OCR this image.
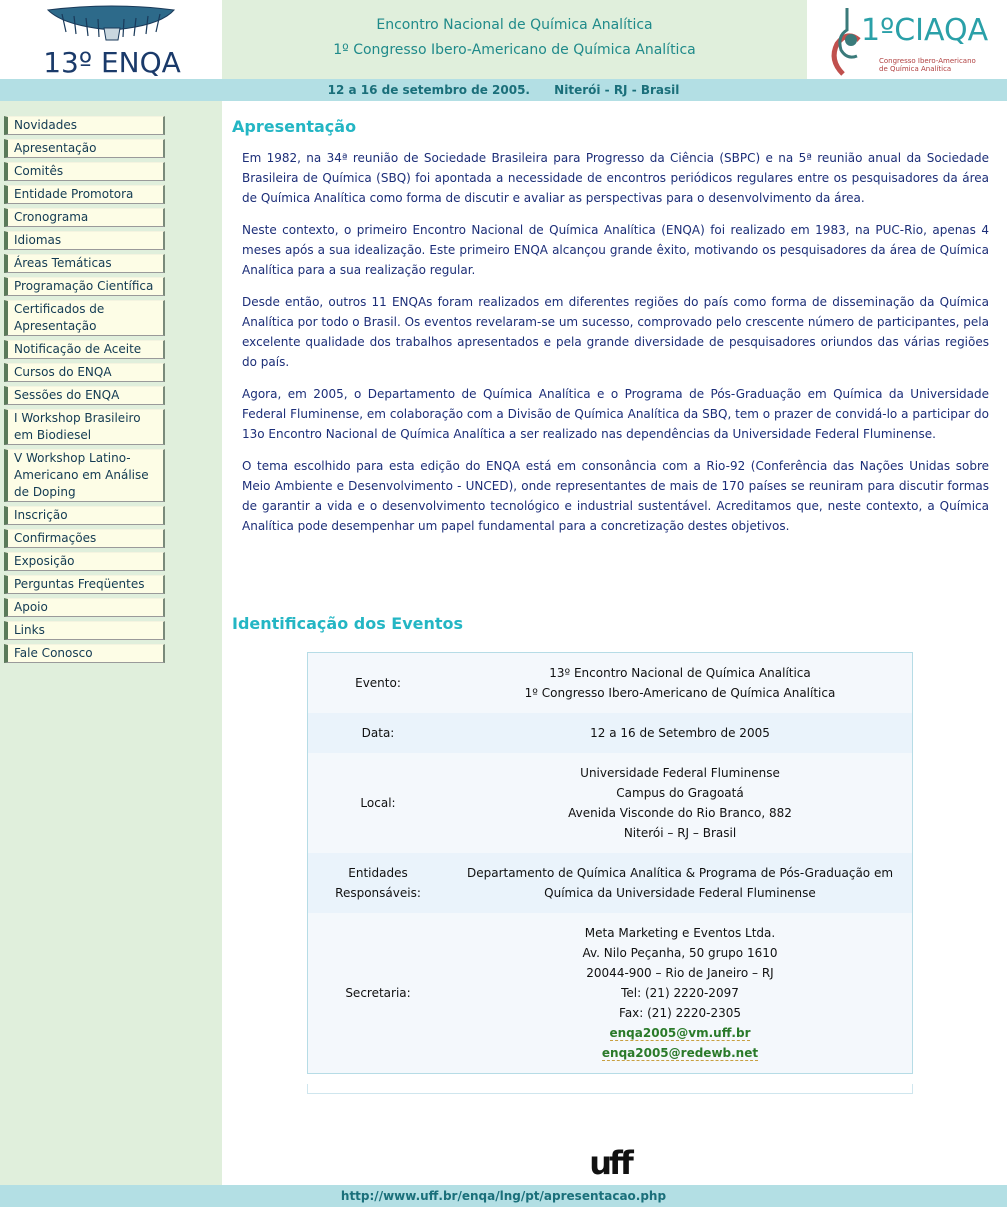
13º ENQA
Encontro Nacional de Química Analítica
1º Congresso Ibero-Americano de Química Analítica
1ºCIAQA
Congresso Ibero-Americano
de Química Analítica
12 a 16 de setembro de 2005. Niterói - RJ - Brasil
Novidades
Apresentação
Comitês
Entidade Promotora
Cronograma
Idiomas
Áreas Temáticas
Programação Científica
Certificados de Apresentação
Notificação de Aceite
Cursos do ENQA
Sessões do ENQA
I Workshop Brasileiro em Biodiesel
V Workshop Latino-Americano em Análise de Doping
Inscrição
Confirmações
Exposição
Perguntas Freqüentes
Apoio
Links
Fale Conosco
Apresentação

Em 1982, na 34ª reunião de Sociedade Brasileira para Progresso da Ciência (SBPC) e na 5ª reunião anual da Sociedade Brasileira de Química (SBQ) foi apontada a necessidade de encontros periódicos regulares entre os pesquisadores da área de Química Analítica como forma de discutir e avaliar as perspectivas para o desenvolvimento da área.

Neste contexto, o primeiro Encontro Nacional de Química Analítica (ENQA) foi realizado em 1983, na PUC-Rio, apenas 4 meses após a sua idealização. Este primeiro ENQA alcançou grande êxito, motivando os pesquisadores da área de Química Analítica para a sua realização regular.

Desde então, outros 11 ENQAs foram realizados em diferentes regiões do país como forma de disseminação da Química Analítica por todo o Brasil. Os eventos revelaram-se um sucesso, comprovado pelo crescente número de participantes, pela excelente qualidade dos trabalhos apresentados e pela grande diversidade de pesquisadores oriundos das várias regiões do país.

Agora, em 2005, o Departamento de Química Analítica e o Programa de Pós-Graduação em Química da Universidade Federal Fluminense, em colaboração com a Divisão de Química Analítica da SBQ, tem o prazer de convidá-lo a participar do 13o Encontro Nacional de Química Analítica a ser realizado nas dependências da Universidade Federal Fluminense.

O tema escolhido para esta edição do ENQA está em consonância com a Rio-92 (Conferência das Nações Unidas sobre Meio Ambiente e Desenvolvimento - UNCED), onde representantes de mais de 170 países se reuniram para discutir formas de garantir a vida e o desenvolvimento tecnológico e industrial sustentável. Acreditamos que, neste contexto, a Química Analítica pode desempenhar um papel fundamental para a concretização destes objetivos.

Identificação dos Eventos
Evento:
13º Encontro Nacional de Química Analítica
1º Congresso Ibero-Americano de Química Analítica
Data:	12 a 16 de Setembro de 2005
Local:
Universidade Federal Fluminense
Campus do Gragoatá
Avenida Visconde do Rio Branco, 882
Niterói – RJ – Brasil
Entidades
Responsáveis:
Departamento de Química Analítica & Programa de Pós-Graduação em
Química da Universidade Federal Fluminense
Secretaria:
Meta Marketing e Eventos Ltda.
Av. Nilo Peçanha, 50 grupo 1610
20044-900 – Rio de Janeiro – RJ
Tel: (21) 2220-2097
Fax: (21) 2220-2305
enqa2005@vm.uff.br
enqa2005@redewb.net
uff
http://www.uff.br/enqa/lng/pt/apresentacao.php
